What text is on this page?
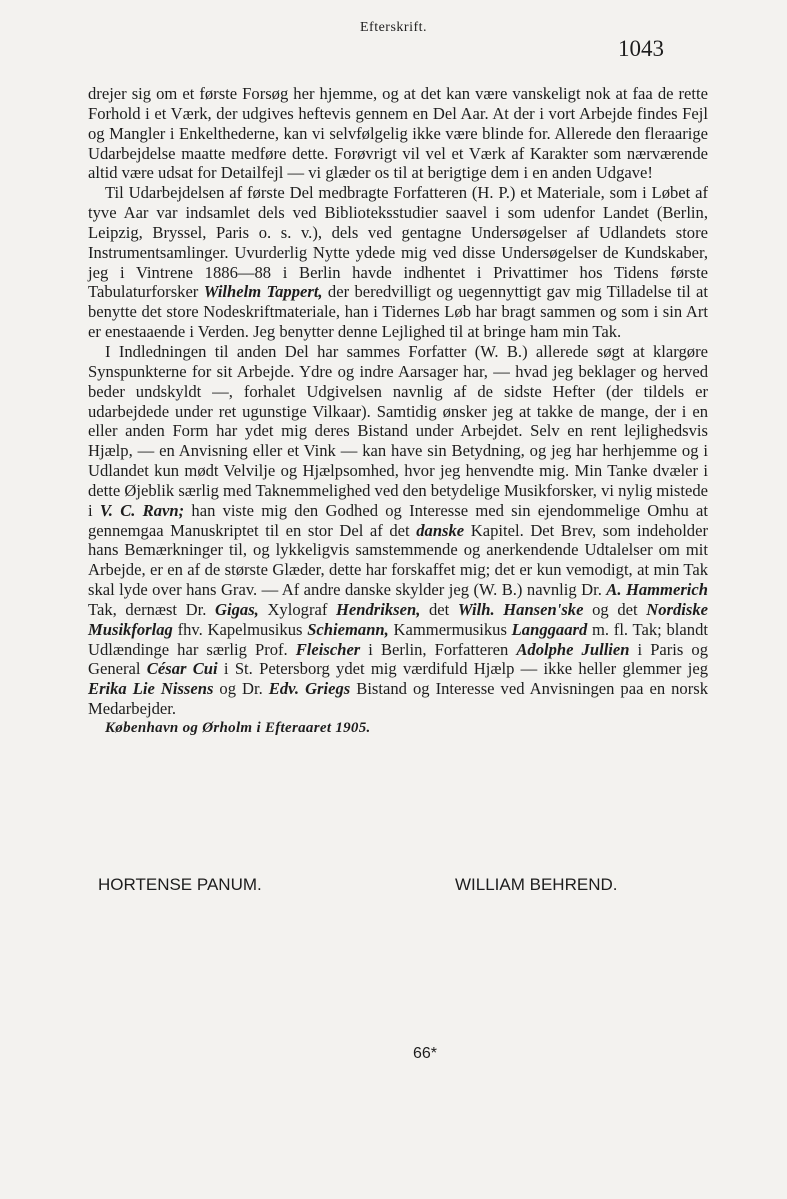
Efterskrift.
1043

drejer sig om et første Forsøg her hjemme, og at det kan være vanskeligt nok at faa de rette Forhold i et Værk, der udgives heftevis gennem en Del Aar. At der i vort Arbejde findes Fejl og Mangler i Enkelthederne, kan vi selvfølgelig ikke være blinde for. Allerede den fleraarige Udarbejdelse maatte medføre dette. Forøvrigt vil vel et Værk af Karakter som nærværende altid være udsat for Detailfejl — vi glæder os til at berigtige dem i en anden Udgave!

Til Udarbejdelsen af første Del medbragte Forfatteren (H. P.) et Materiale, som i Løbet af tyve Aar var indsamlet dels ved Biblioteksstudier saavel i som udenfor Landet (Berlin, Leipzig, Bryssel, Paris o. s. v.), dels ved gentagne Undersøgelser af Udlandets store Instrumentsamlinger. Uvurderlig Nytte ydede mig ved disse Undersøgelser de Kundskaber, jeg i Vintrene 1886—88 i Berlin havde indhentet i Privattimer hos Tidens første Tabulaturforsker Wilhelm Tappert, der beredvilligt og uegennyttigt gav mig Tilladelse til at benytte det store Nodeskriftmateriale, han i Tidernes Løb har bragt sammen og som i sin Art er enestaaende i Verden. Jeg benytter denne Lejlighed til at bringe ham min Tak.

I Indledningen til anden Del har sammes Forfatter (W. B.) allerede søgt at klargøre Synspunkterne for sit Arbejde. Ydre og indre Aarsager har, — hvad jeg beklager og herved beder undskyldt —, forhalet Udgivelsen navnlig af de sidste Hefter (der tildels er udarbejdede under ret ugunstige Vilkaar). Samtidig ønsker jeg at takke de mange, der i en eller anden Form har ydet mig deres Bistand under Arbejdet. Selv en rent lejlighedsvis Hjælp, — en Anvisning eller et Vink — kan have sin Betydning, og jeg har herhjemme og i Udlandet kun mødt Velvilje og Hjælpsomhed, hvor jeg henvendte mig. Min Tanke dvæler i dette Øjeblik særlig med Taknemmelighed ved den betydelige Musikforsker, vi nylig mistede i V. C. Ravn; han viste mig den Godhed og Interesse med sin ejendommelige Omhu at gennemgaa Manuskriptet til en stor Del af det danske Kapitel. Det Brev, som indeholder hans Bemærkninger til, og lykkeligvis samstemmende og anerkendende Udtalelser om mit Arbejde, er en af de største Glæder, dette har forskaffet mig; det er kun vemodigt, at min Tak skal lyde over hans Grav. — Af andre danske skylder jeg (W. B.) navnlig Dr. A. Hammerich Tak, dernæst Dr. Gigas, Xylograf Hendriksen, det Wilh. Hansen'ske og det Nordiske Musikforlag fhv. Kapelmusikus Schiemann, Kammermusikus Langgaard m. fl. Tak; blandt Udlændinge har særlig Prof. Fleischer i Berlin, Forfatteren Adolphe Jullien i Paris og General César Cui i St. Petersborg ydet mig værdifuld Hjælp — ikke heller glemmer jeg Erika Lie Nissens og Dr. Edv. Griegs Bistand og Interesse ved Anvisningen paa en norsk Medarbejder.

København og Ørholm i Efteraaret 1905.

HORTENSE PANUM.	WILLIAM BEHREND.
66*
